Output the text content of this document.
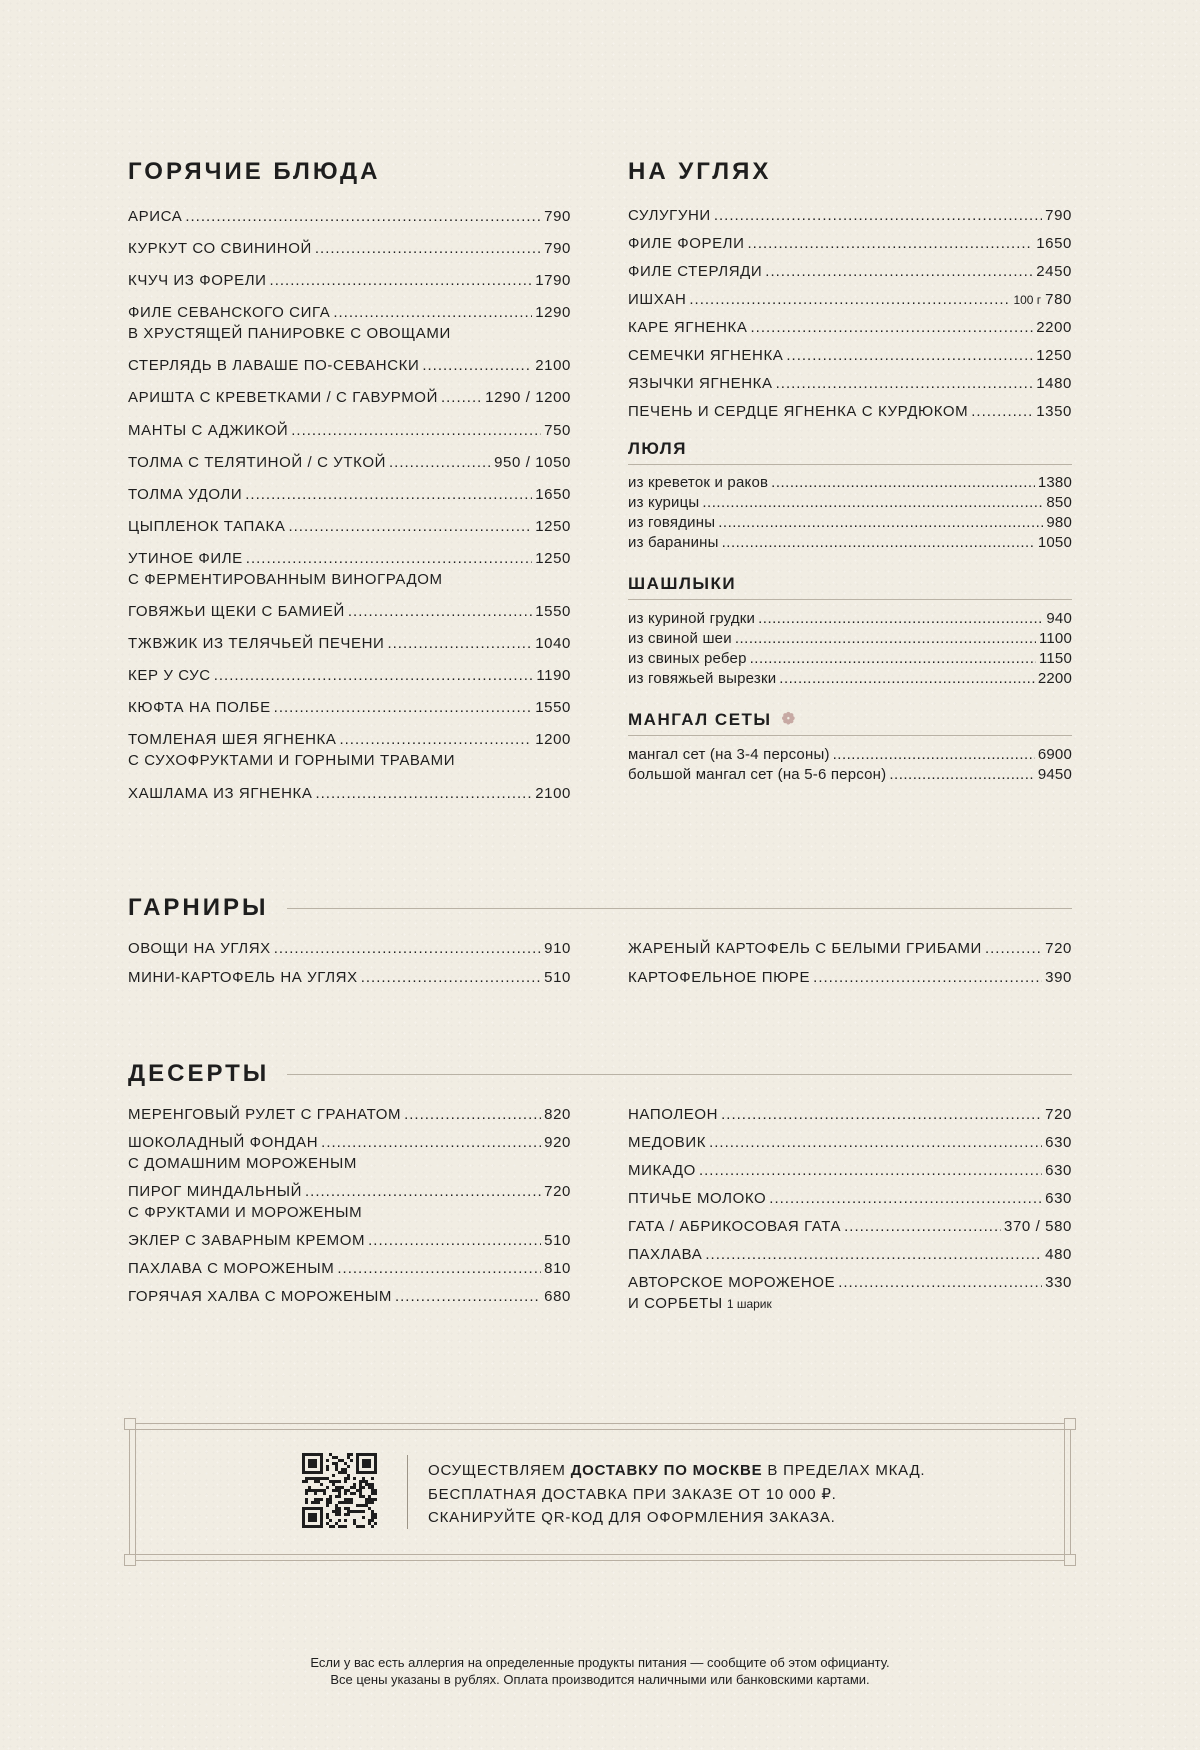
ГОРЯЧИЕ БЛЮДА
АРИСА .....	790
КУРКУТ СО СВИНИНОЙ .....	790
КЧУЧ ИЗ ФОРЕЛИ .....	1790
ФИЛЕ СЕВАНСКОГО СИГА .....	1290
В ХРУСТЯЩЕЙ ПАНИРОВКЕ С ОВОЩАМИ
СТЕРЛЯДЬ В ЛАВАШЕ ПО-СЕВАНСКИ .....	2100
АРИШТА С КРЕВЕТКАМИ / С ГАВУРМОЙ .....	1290 / 1200
МАНТЫ С АДЖИКОЙ .....	750
ТОЛМА С ТЕЛЯТИНОЙ / С УТКОЙ .....	950 / 1050
ТОЛМА УДОЛИ .....	1650
ЦЫПЛЕНОК ТАПАКА .....	1250
УТИНОЕ ФИЛЕ .....	1250
С ФЕРМЕНТИРОВАННЫМ ВИНОГРАДОМ
ГОВЯЖЬИ ЩЕКИ С БАМИЕЙ .....	1550
ТЖВЖИК ИЗ ТЕЛЯЧЬЕЙ ПЕЧЕНИ .....	1040
КЕР У СУС .....	1190
КЮФТА НА ПОЛБЕ .....	1550
ТОМЛЕНАЯ ШЕЯ ЯГНЕНКА .....	1200
С СУХОФРУКТАМИ И ГОРНЫМИ ТРАВАМИ
ХАШЛАМА ИЗ ЯГНЕНКА .....	2100
НА УГЛЯХ
СУЛУГУНИ .....	790
ФИЛЕ ФОРЕЛИ .....	1650
ФИЛЕ СТЕРЛЯДИ .....	2450
ИШХАН .....	100 г 780
КАРЕ ЯГНЕНКА .....	2200
СЕМЕЧКИ ЯГНЕНКА .....	1250
ЯЗЫЧКИ ЯГНЕНКА .....	1480
ПЕЧЕНЬ И СЕРДЦЕ ЯГНЕНКА С КУРДЮКОМ .....	1350
ЛЮЛЯ
из креветок и раков .....	1380
из курицы .....	850
из говядины .....	980
из баранины .....	1050
ШАШЛЫКИ
из куриной грудки .....	940
из свиной шеи .....	1100
из свиных ребер .....	1150
из говяжьей вырезки .....	2200
МАНГАЛ СЕТЫ ❁
мангал сет (на 3-4 персоны) .....	6900
большой мангал сет (на 5-6 персон) .....	9450
ГАРНИРЫ
ОВОЩИ НА УГЛЯХ .....	910
МИНИ-КАРТОФЕЛЬ НА УГЛЯХ .....	510
ЖАРЕНЫЙ КАРТОФЕЛЬ С БЕЛЫМИ ГРИБАМИ .....	720
КАРТОФЕЛЬНОЕ ПЮРЕ .....	390
ДЕСЕРТЫ
МЕРЕНГОВЫЙ РУЛЕТ С ГРАНАТОМ .....	820
ШОКОЛАДНЫЙ ФОНДАН .....	920
С ДОМАШНИМ МОРОЖЕНЫМ
ПИРОГ МИНДАЛЬНЫЙ .....	720
С ФРУКТАМИ И МОРОЖЕНЫМ
ЭКЛЕР С ЗАВАРНЫМ КРЕМОМ .....	510
ПАХЛАВА С МОРОЖЕНЫМ .....	810
ГОРЯЧАЯ ХАЛВА С МОРОЖЕНЫМ .....	680
НАПОЛЕОН .....	720
МЕДОВИК .....	630
МИКАДО .....	630
ПТИЧЬЕ МОЛОКО .....	630
ГАТА / АБРИКОСОВАЯ ГАТА .....	370 / 580
ПАХЛАВА .....	480
АВТОРСКОЕ МОРОЖЕНОЕ .....	330
И СОРБЕТЫ 1 шарик
ОСУЩЕСТВЛЯЕМ ДОСТАВКУ ПО МОСКВЕ В ПРЕДЕЛАХ МКАД.
БЕСПЛАТНАЯ ДОСТАВКА ПРИ ЗАКАЗЕ ОТ 10 000 ₽.
СКАНИРУЙТЕ QR-КОД ДЛЯ ОФОРМЛЕНИЯ ЗАКАЗА.
Если у вас есть аллергия на определенные продукты питания — сообщите об этом официанту.
Все цены указаны в рублях. Оплата производится наличными или банковскими картами.
